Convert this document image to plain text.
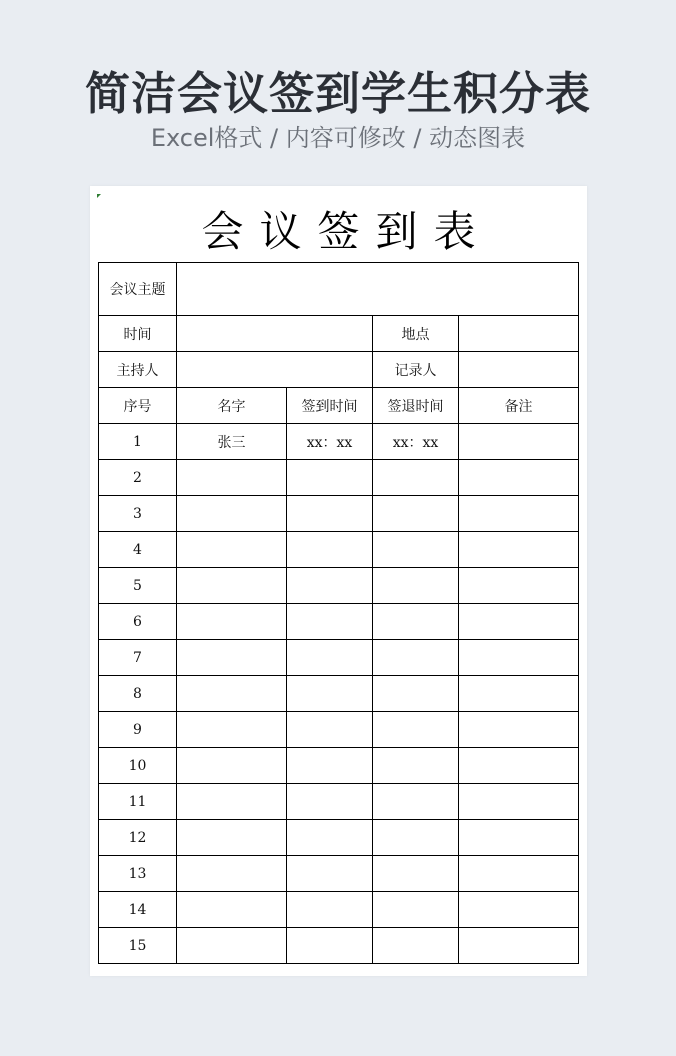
简洁会议签到学生积分表
Excel格式 / 内容可修改 / 动态图表
会议签到表
会议主题				
时间			地点	
主持人			记录人	
序号	名字	签到时间	签退时间	备注
1	张三	xx：xx	xx：xx	
2				
3				
4				
5				
6				
7				
8				
9				
10				
11				
12				
13				
14				
15				
